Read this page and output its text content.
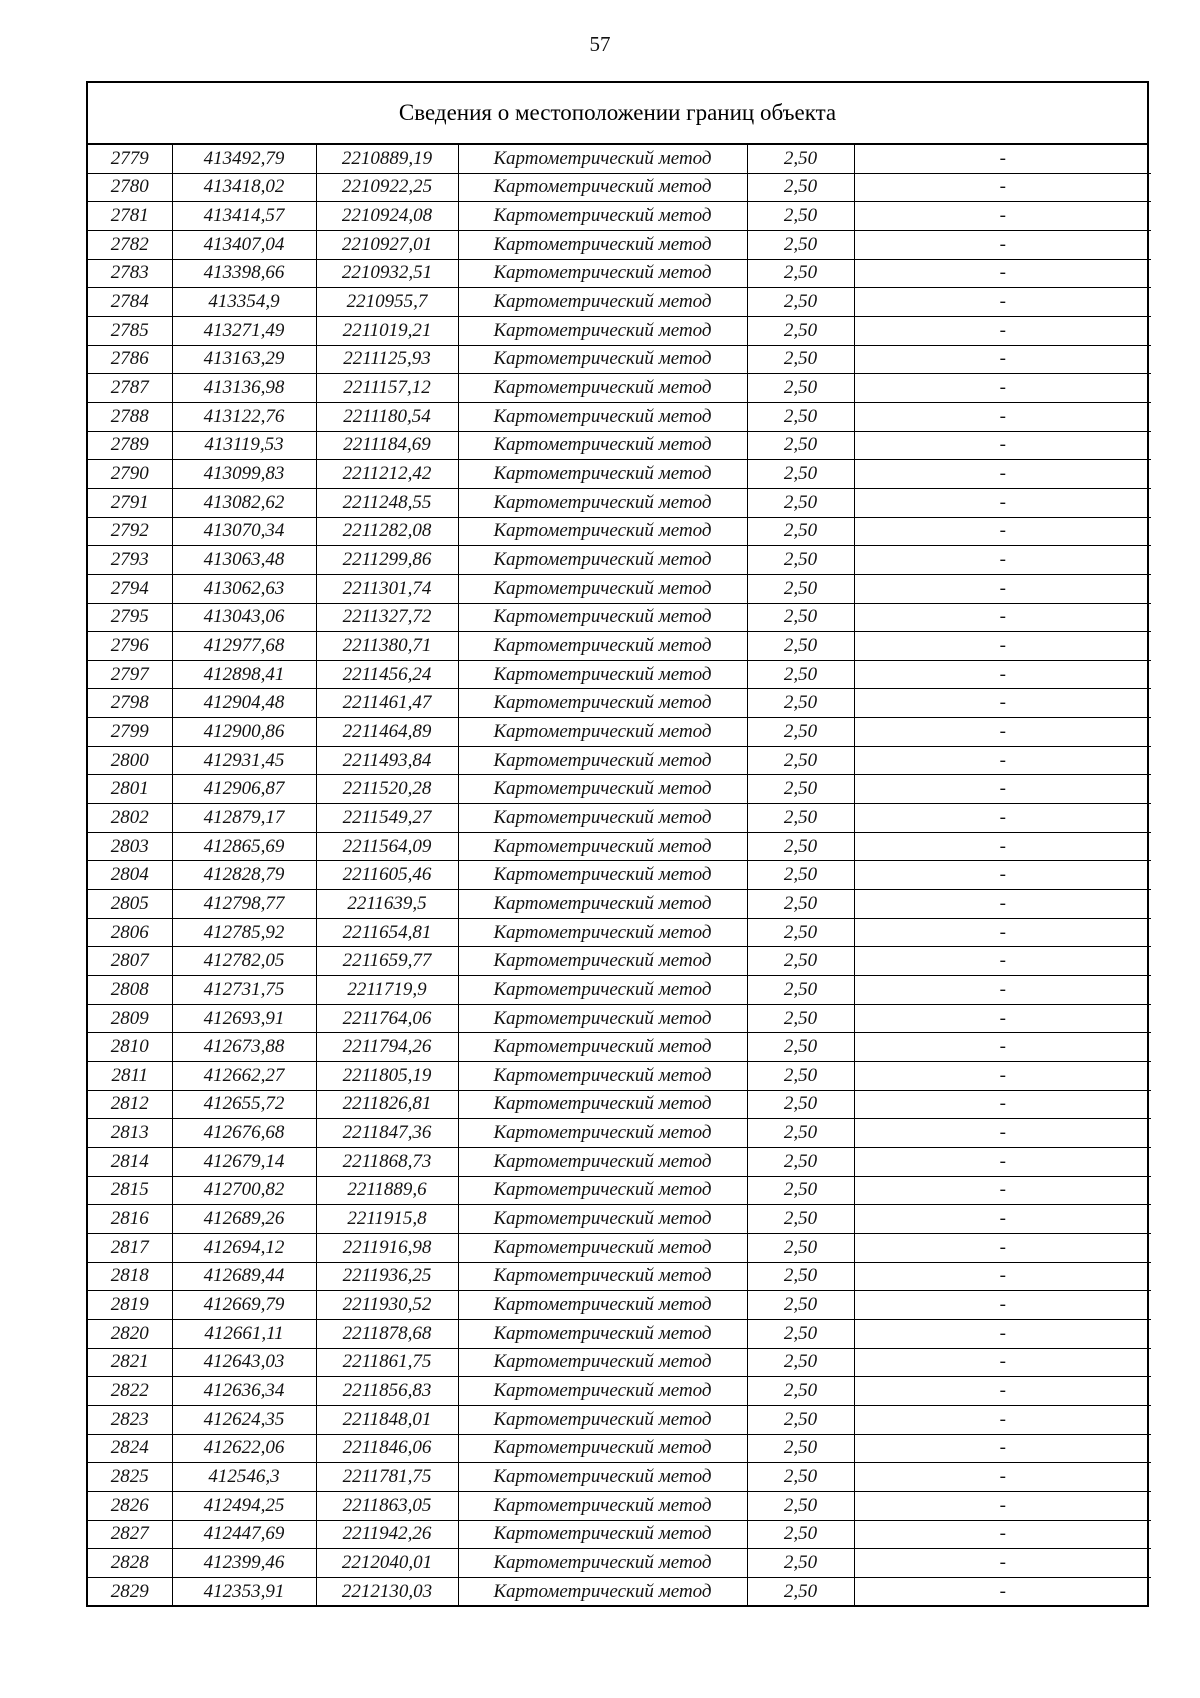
57
Сведения о местоположении границ объекта
2779	413492,79	2210889,19	Картометрический метод	2,50	-
2780	413418,02	2210922,25	Картометрический метод	2,50	-
2781	413414,57	2210924,08	Картометрический метод	2,50	-
2782	413407,04	2210927,01	Картометрический метод	2,50	-
2783	413398,66	2210932,51	Картометрический метод	2,50	-
2784	413354,9	2210955,7	Картометрический метод	2,50	-
2785	413271,49	2211019,21	Картометрический метод	2,50	-
2786	413163,29	2211125,93	Картометрический метод	2,50	-
2787	413136,98	2211157,12	Картометрический метод	2,50	-
2788	413122,76	2211180,54	Картометрический метод	2,50	-
2789	413119,53	2211184,69	Картометрический метод	2,50	-
2790	413099,83	2211212,42	Картометрический метод	2,50	-
2791	413082,62	2211248,55	Картометрический метод	2,50	-
2792	413070,34	2211282,08	Картометрический метод	2,50	-
2793	413063,48	2211299,86	Картометрический метод	2,50	-
2794	413062,63	2211301,74	Картометрический метод	2,50	-
2795	413043,06	2211327,72	Картометрический метод	2,50	-
2796	412977,68	2211380,71	Картометрический метод	2,50	-
2797	412898,41	2211456,24	Картометрический метод	2,50	-
2798	412904,48	2211461,47	Картометрический метод	2,50	-
2799	412900,86	2211464,89	Картометрический метод	2,50	-
2800	412931,45	2211493,84	Картометрический метод	2,50	-
2801	412906,87	2211520,28	Картометрический метод	2,50	-
2802	412879,17	2211549,27	Картометрический метод	2,50	-
2803	412865,69	2211564,09	Картометрический метод	2,50	-
2804	412828,79	2211605,46	Картометрический метод	2,50	-
2805	412798,77	2211639,5	Картометрический метод	2,50	-
2806	412785,92	2211654,81	Картометрический метод	2,50	-
2807	412782,05	2211659,77	Картометрический метод	2,50	-
2808	412731,75	2211719,9	Картометрический метод	2,50	-
2809	412693,91	2211764,06	Картометрический метод	2,50	-
2810	412673,88	2211794,26	Картометрический метод	2,50	-
2811	412662,27	2211805,19	Картометрический метод	2,50	-
2812	412655,72	2211826,81	Картометрический метод	2,50	-
2813	412676,68	2211847,36	Картометрический метод	2,50	-
2814	412679,14	2211868,73	Картометрический метод	2,50	-
2815	412700,82	2211889,6	Картометрический метод	2,50	-
2816	412689,26	2211915,8	Картометрический метод	2,50	-
2817	412694,12	2211916,98	Картометрический метод	2,50	-
2818	412689,44	2211936,25	Картометрический метод	2,50	-
2819	412669,79	2211930,52	Картометрический метод	2,50	-
2820	412661,11	2211878,68	Картометрический метод	2,50	-
2821	412643,03	2211861,75	Картометрический метод	2,50	-
2822	412636,34	2211856,83	Картометрический метод	2,50	-
2823	412624,35	2211848,01	Картометрический метод	2,50	-
2824	412622,06	2211846,06	Картометрический метод	2,50	-
2825	412546,3	2211781,75	Картометрический метод	2,50	-
2826	412494,25	2211863,05	Картометрический метод	2,50	-
2827	412447,69	2211942,26	Картометрический метод	2,50	-
2828	412399,46	2212040,01	Картометрический метод	2,50	-
2829	412353,91	2212130,03	Картометрический метод	2,50	-
